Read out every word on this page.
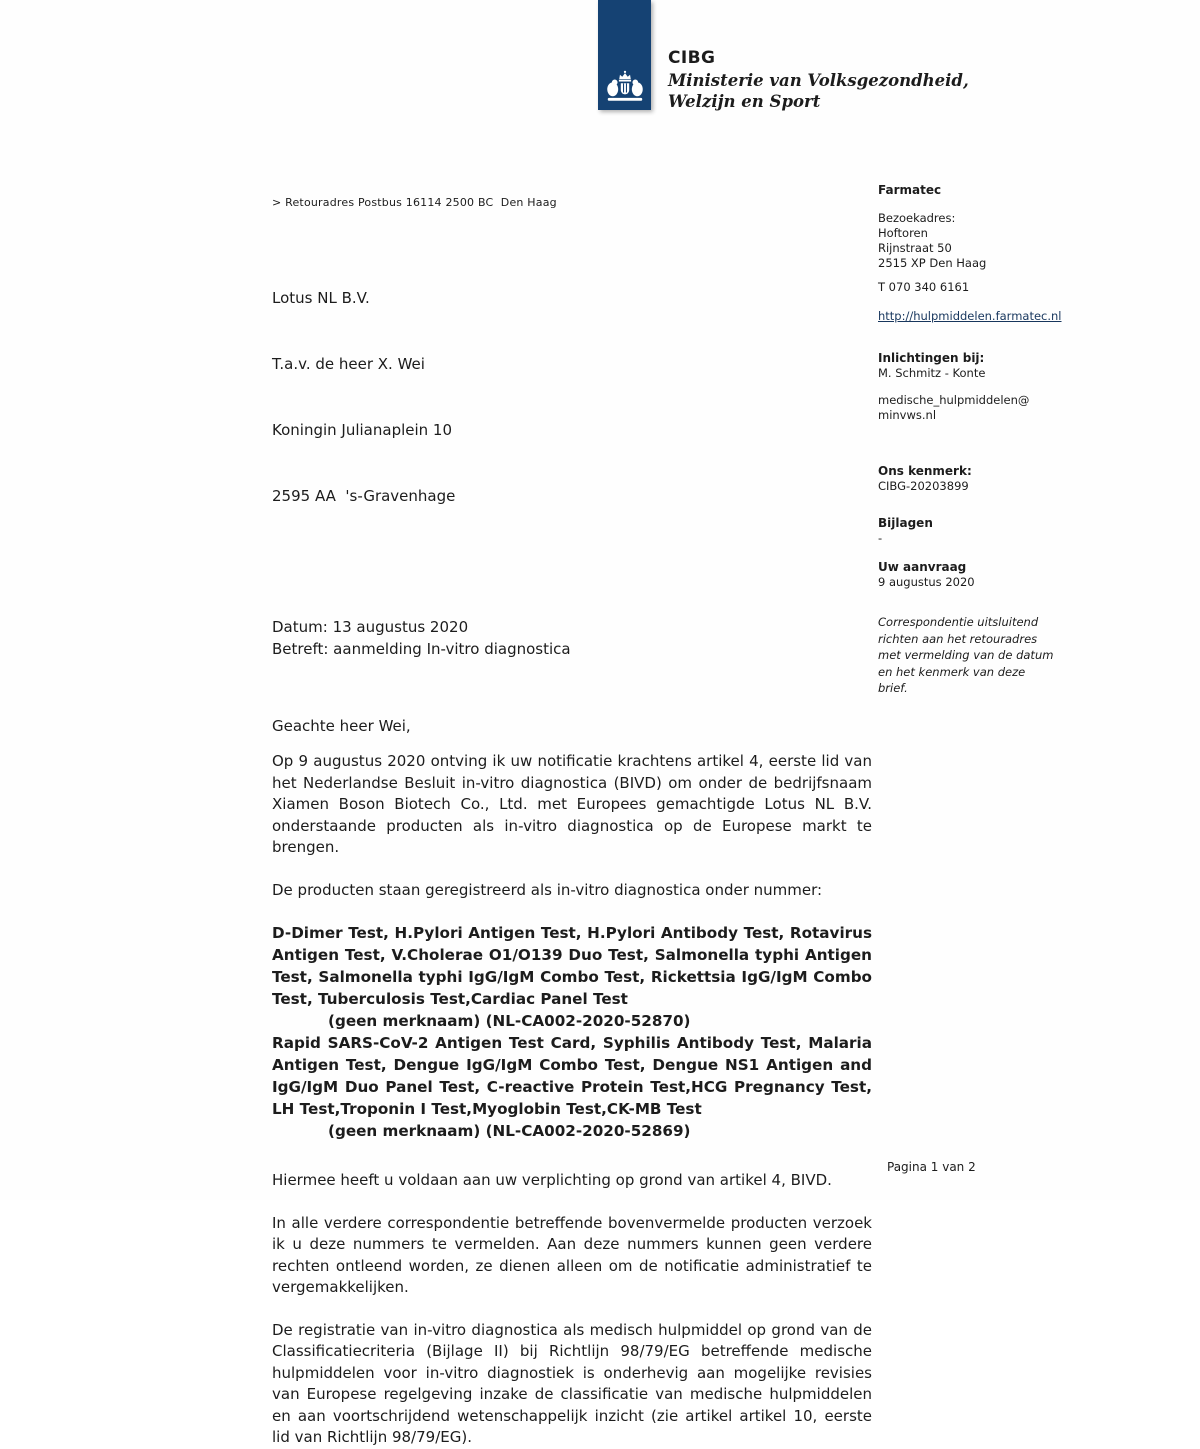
CIBG
Ministerie van Volksgezondheid,
Welzijn en Sport
> Retouradres Postbus 16114 2500 BC  Den Haag

Lotus NL B.V.

T.a.v. de heer X. Wei

Koningin Julianaplein 10

2595 AA  's-Gravenhage

Datum: 13 augustus 2020
Betreft: aanmelding In-vitro diagnostica
Geachte heer Wei,

Op 9 augustus 2020 ontving ik uw notificatie krachtens artikel 4, eerste lid van het Nederlandse Besluit in-vitro diagnostica (BIVD) om onder de bedrijfsnaam Xiamen Boson Biotech Co., Ltd. met Europees gemachtigde Lotus NL B.V. onderstaande producten als in-vitro diagnostica op de Europese markt te brengen.

De producten staan geregistreerd als in-vitro diagnostica onder nummer:

D-Dimer Test, H.Pylori Antigen Test, H.Pylori Antibody Test, Rotavirus Antigen Test, V.Cholerae O1/O139 Duo Test, Salmonella typhi Antigen Test, Salmonella typhi IgG/IgM Combo Test, Rickettsia IgG/IgM Combo Test, Tuberculosis Test,Cardiac Panel Test
(geen merknaam) (NL-CA002-2020-52870)
Rapid SARS-CoV-2 Antigen Test Card, Syphilis Antibody Test, Malaria Antigen Test, Dengue IgG/IgM Combo Test, Dengue NS1 Antigen and IgG/IgM Duo Panel Test, C-reactive Protein Test,HCG Pregnancy Test, LH Test,Troponin I Test,Myoglobin Test,CK-MB Test
(geen merknaam) (NL-CA002-2020-52869)

Hiermee heeft u voldaan aan uw verplichting op grond van artikel 4, BIVD.

In alle verdere correspondentie betreffende bovenvermelde producten verzoek ik u deze nummers te vermelden. Aan deze nummers kunnen geen verdere rechten ontleend worden, ze dienen alleen om de notificatie administratief te vergemakkelijken.

De registratie van in-vitro diagnostica als medisch hulpmiddel op grond van de Classificatiecriteria (Bijlage II) bij Richtlijn 98/79/EG betreffende medische hulpmiddelen voor in-vitro diagnostiek is onderhevig aan mogelijke revisies van Europese regelgeving inzake de classificatie van medische hulpmiddelen en aan voortschrijdend wetenschappelijk inzicht (zie artikel artikel 10, eerste lid van Richtlijn 98/79/EG).

Farmatec
Bezoekadres:
Hoftoren
Rijnstraat 50
2515 XP Den Haag
T 070 340 6161
http://hulpmiddelen.farmatec.nl
Inlichtingen bij:
M. Schmitz - Konte
medische_hulpmiddelen@
minvws.nl
Ons kenmerk:
CIBG-20203899
Bijlagen
-
Uw aanvraag
9 augustus 2020
Correspondentie uitsluitend richten aan het retouradres met vermelding van de datum en het kenmerk van deze brief.
Pagina 1 van 2
